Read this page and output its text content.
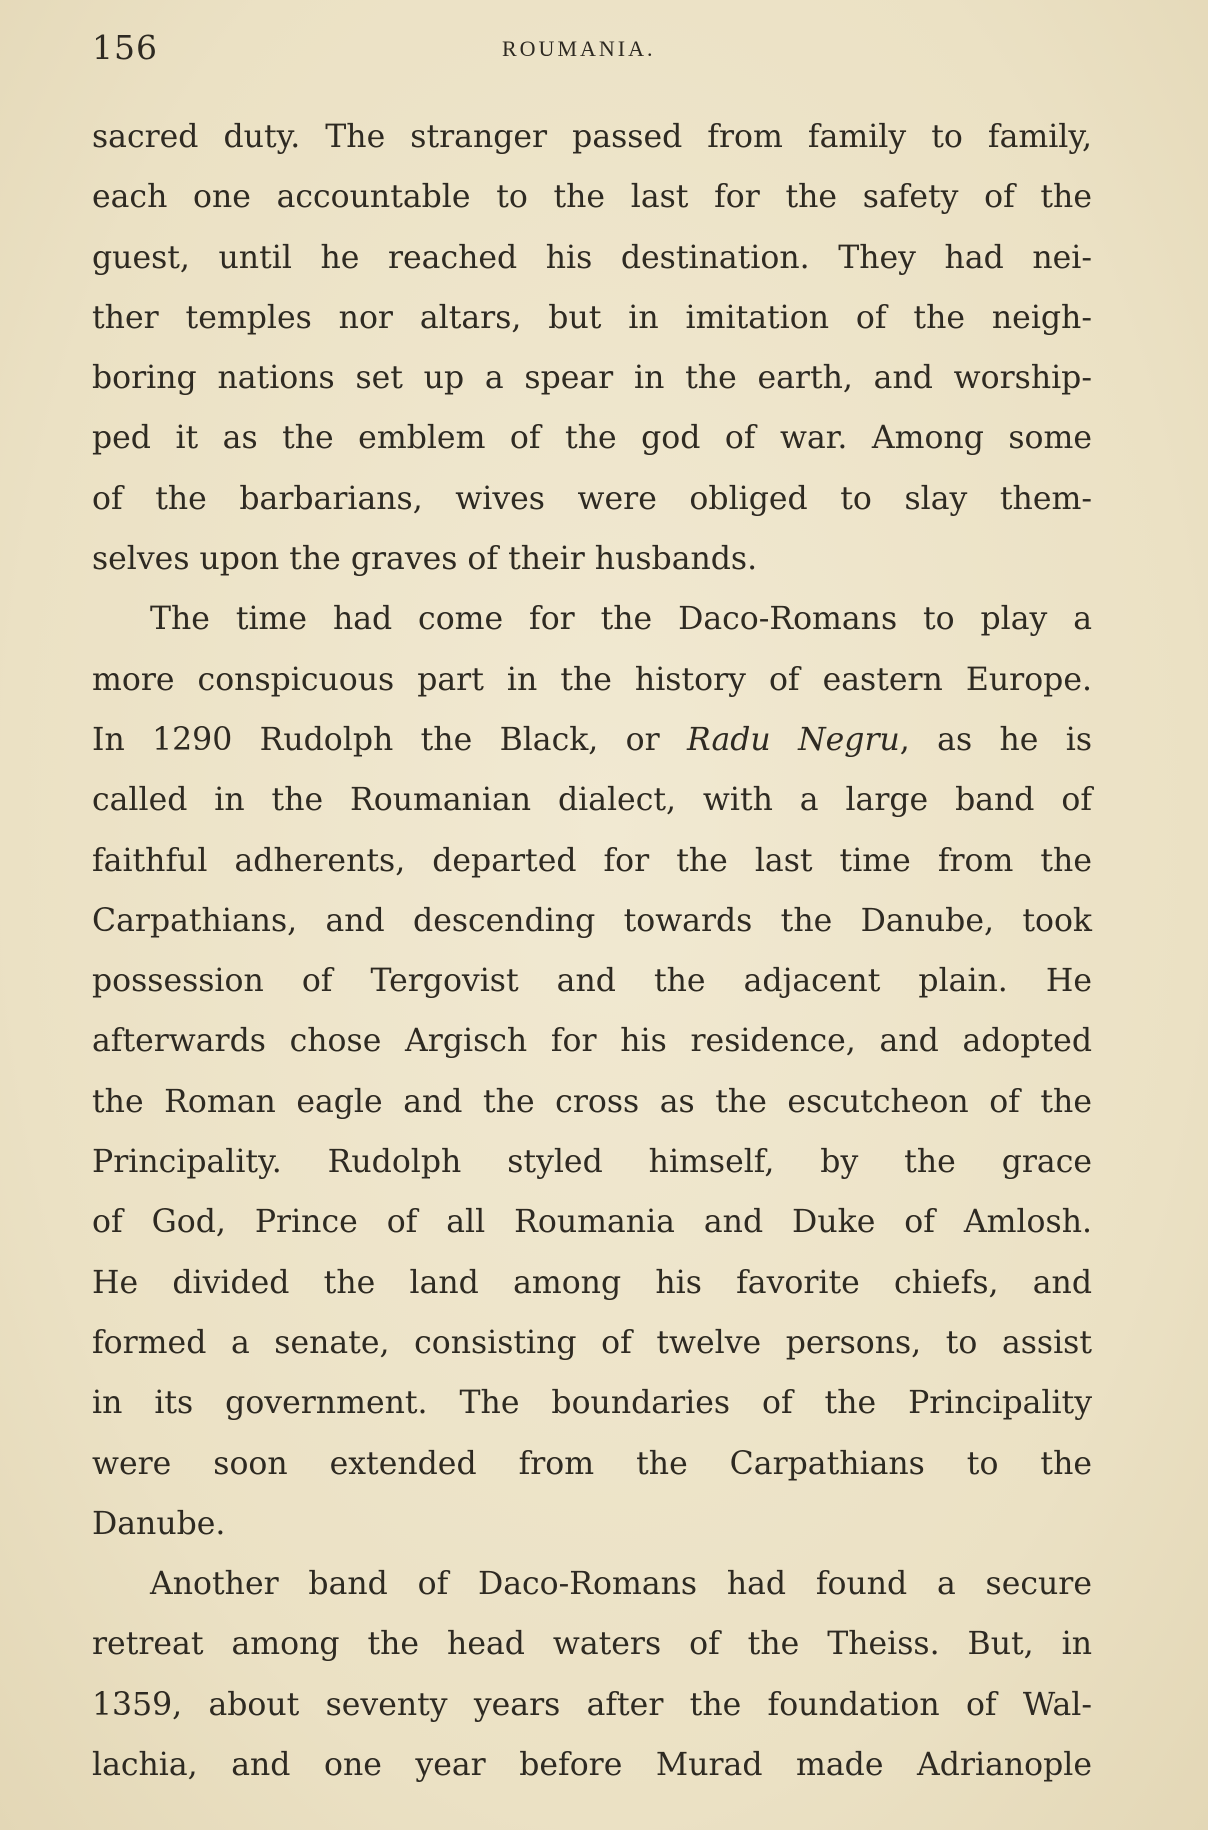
156	ROUMANIA.
sacred duty. The stranger passed from family to family,
each one accountable to the last for the safety of the
guest, until he reached his destination. They had nei-
ther temples nor altars, but in imitation of the neigh-
boring nations set up a spear in the earth, and worship-
ped it as the emblem of the god of war. Among some
of the barbarians, wives were obliged to slay them-
selves upon the graves of their husbands.
The time had come for the Daco-Romans to play a
more conspicuous part in the history of eastern Europe.
In 1290 Rudolph the Black, or Radu Negru, as he is
called in the Roumanian dialect, with a large band of
faithful adherents, departed for the last time from the
Carpathians, and descending towards the Danube, took
possession of Tergovist and the adjacent plain. He
afterwards chose Argisch for his residence, and adopted
the Roman eagle and the cross as the escutcheon of the
Principality. Rudolph styled himself, by the grace
of God, Prince of all Roumania and Duke of Amlosh.
He divided the land among his favorite chiefs, and
formed a senate, consisting of twelve persons, to assist
in its government. The boundaries of the Principality
were soon extended from the Carpathians to the
Danube.
Another band of Daco-Romans had found a secure
retreat among the head waters of the Theiss. But, in
1359, about seventy years after the foundation of Wal-
lachia, and one year before Murad made Adrianople
